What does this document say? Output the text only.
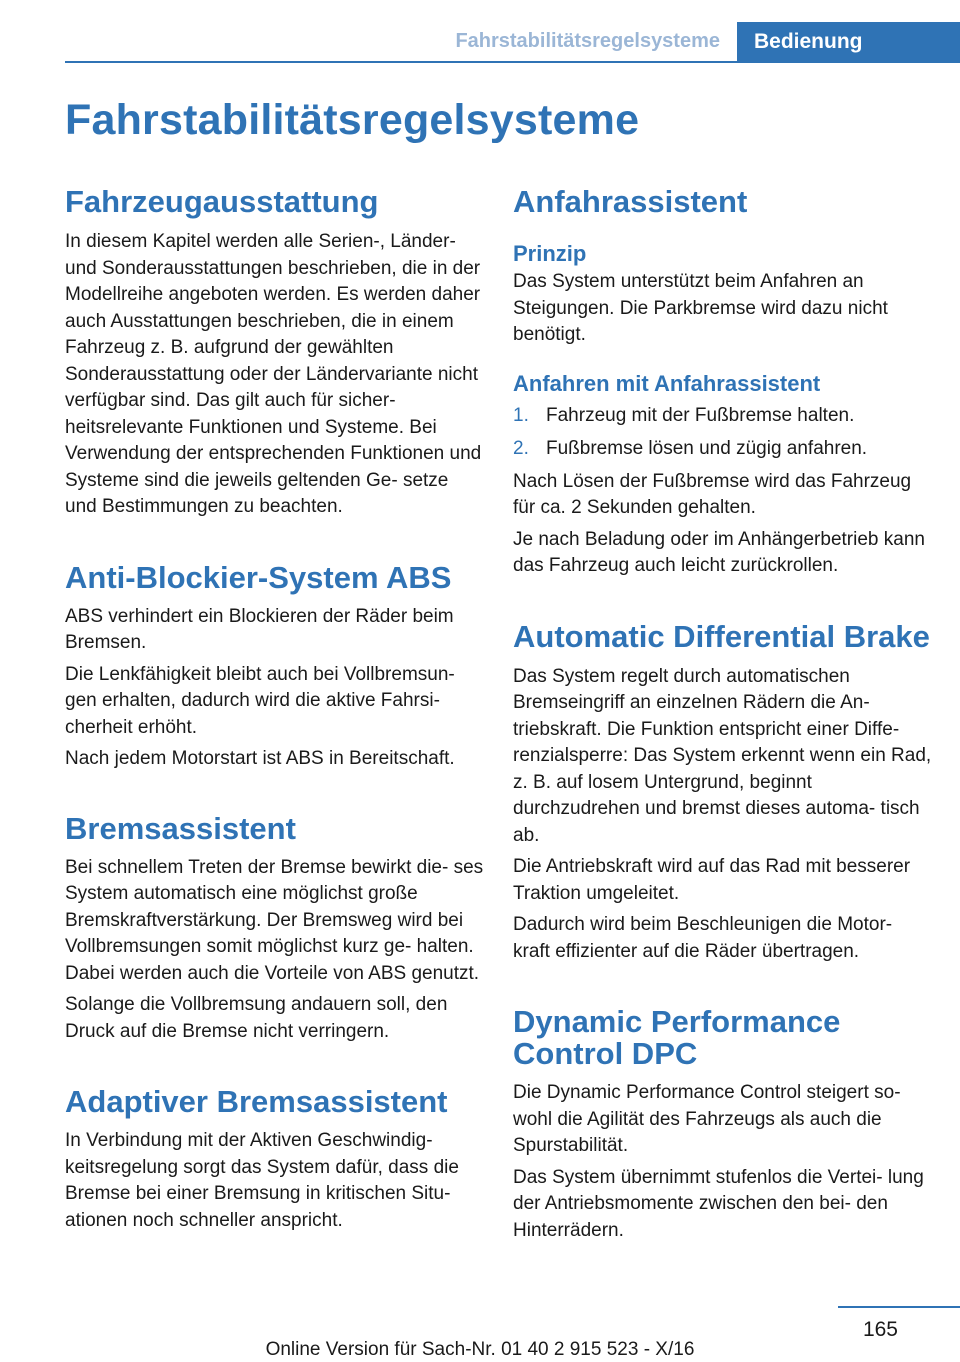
Fahrstabilitätsregelsysteme	Bedienung
Fahrstabilitätsregelsysteme
Fahrzeugausstattung

In diesem Kapitel werden alle Serien‑, Länder‑ und Sonderausstattungen beschrieben, die in der Modellreihe angeboten werden. Es werden daher auch Ausstattungen beschrieben, die in einem Fahrzeug z. B. aufgrund der gewählten Sonderausstattung oder der Ländervariante nicht verfügbar sind. Das gilt auch für sicher‑ heitsrelevante Funktionen und Systeme. Bei Verwendung der entsprechenden Funktionen und Systeme sind die jeweils geltenden Ge‑ setze und Bestimmungen zu beachten.

Anti‑Blockier‑System ABS

ABS verhindert ein Blockieren der Räder beim Bremsen.

Die Lenkfähigkeit bleibt auch bei Vollbremsun‑ gen erhalten, dadurch wird die aktive Fahrsi‑ cherheit erhöht.

Nach jedem Motorstart ist ABS in Bereitschaft.

Bremsassistent

Bei schnellem Treten der Bremse bewirkt die‑ ses System automatisch eine möglichst große Bremskraftverstärkung. Der Bremsweg wird bei Vollbremsungen somit möglichst kurz ge‑ halten. Dabei werden auch die Vorteile von ABS genutzt.

Solange die Vollbremsung andauern soll, den Druck auf die Bremse nicht verringern.

Adaptiver Bremsassistent

In Verbindung mit der Aktiven Geschwindig‑ keitsregelung sorgt das System dafür, dass die Bremse bei einer Bremsung in kritischen Situ‑ ationen noch schneller anspricht.

Anfahrassistent
Prinzip

Das System unterstützt beim Anfahren an Steigungen. Die Parkbremse wird dazu nicht benötigt.

Anfahren mit Anfahrassistent
1. Fahrzeug mit der Fußbremse halten.
2. Fußbremse lösen und zügig anfahren.

Nach Lösen der Fußbremse wird das Fahrzeug für ca. 2 Sekunden gehalten.

Je nach Beladung oder im Anhängerbetrieb kann das Fahrzeug auch leicht zurückrollen.

Automatic Differential Brake

Das System regelt durch automatischen Bremseingriff an einzelnen Rädern die An‑ triebskraft. Die Funktion entspricht einer Diffe‑ renzialsperre: Das System erkennt wenn ein Rad, z. B. auf losem Untergrund, beginnt durchzudrehen und bremst dieses automa‑ tisch ab.

Die Antriebskraft wird auf das Rad mit besserer Traktion umgeleitet.

Dadurch wird beim Beschleunigen die Motor‑ kraft effizienter auf die Räder übertragen.

Dynamic Performance Control DPC

Die Dynamic Performance Control steigert so‑ wohl die Agilität des Fahrzeugs als auch die Spurstabilität.

Das System übernimmt stufenlos die Vertei‑ lung der Antriebsmomente zwischen den bei‑ den Hinterrädern.

165
Online Version für Sach-Nr. 01 40 2 915 523 - X/16
